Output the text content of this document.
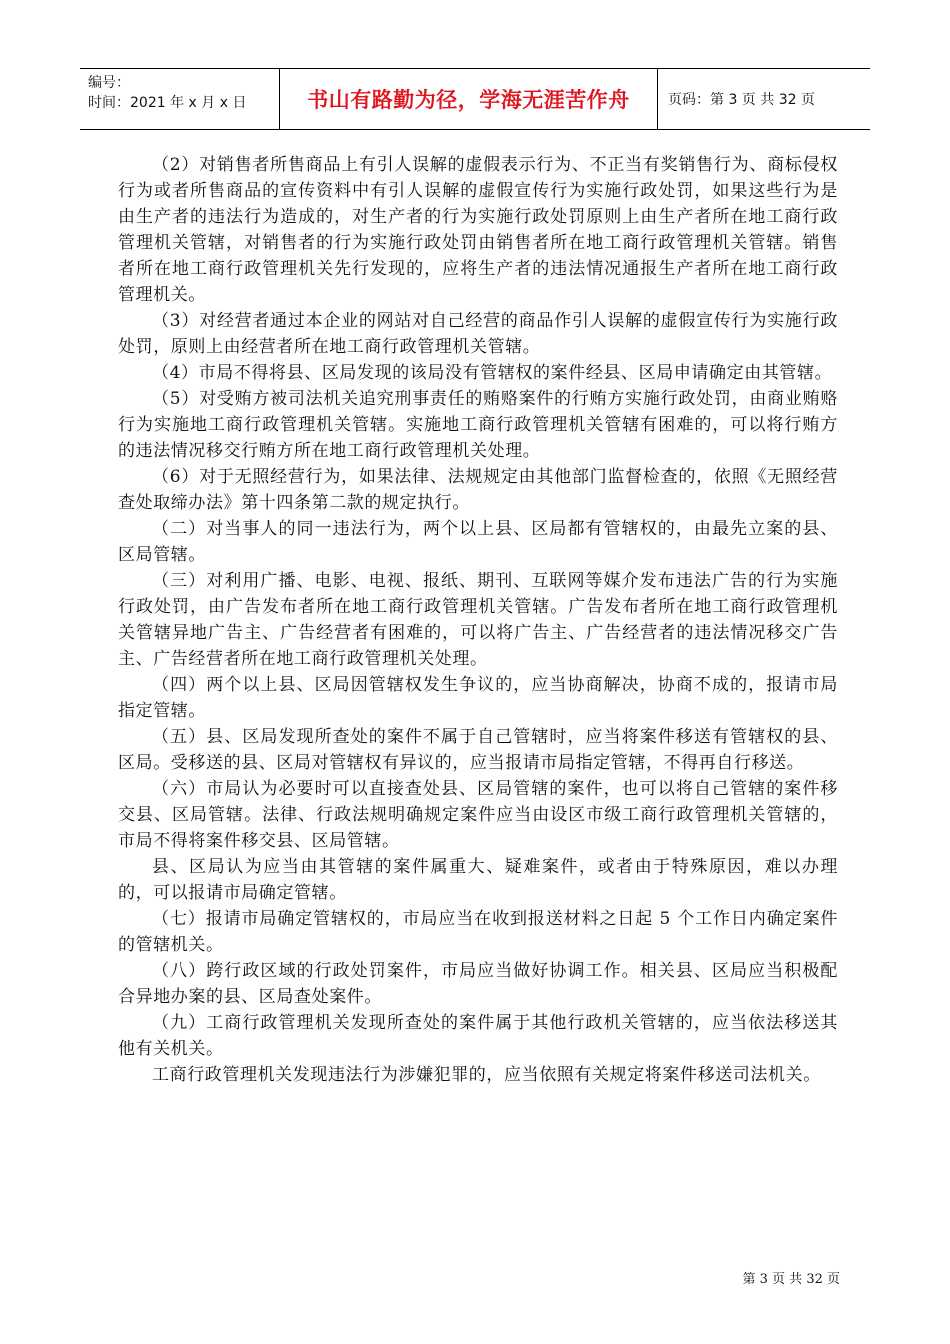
编号：
时间：2021 年 x 月 x 日	书山有路勤为径，学海无涯苦作舟	页码：第 3 页 共 32 页

（2）对销售者所售商品上有引人误解的虚假表示行为、不正当有奖销售行为、商标侵权行为或者所售商品的宣传资料中有引人误解的虚假宣传行为实施行政处罚，如果这些行为是由生产者的违法行为造成的，对生产者的行为实施行政处罚原则上由生产者所在地工商行政管理机关管辖，对销售者的行为实施行政处罚由销售者所在地工商行政管理机关管辖。销售者所在地工商行政管理机关先行发现的，应将生产者的违法情况通报生产者所在地工商行政管理机关。

（3）对经营者通过本企业的网站对自己经营的商品作引人误解的虚假宣传行为实施行政处罚，原则上由经营者所在地工商行政管理机关管辖。

（4）市局不得将县、区局发现的该局没有管辖权的案件经县、区局申请确定由其管辖。

（5）对受贿方被司法机关追究刑事责任的贿赂案件的行贿方实施行政处罚，由商业贿赂行为实施地工商行政管理机关管辖。实施地工商行政管理机关管辖有困难的，可以将行贿方的违法情况移交行贿方所在地工商行政管理机关处理。

（6）对于无照经营行为，如果法律、法规规定由其他部门监督检查的，依照《无照经营查处取缔办法》第十四条第二款的规定执行。

（二）对当事人的同一违法行为，两个以上县、区局都有管辖权的，由最先立案的县、区局管辖。

（三）对利用广播、电影、电视、报纸、期刊、互联网等媒介发布违法广告的行为实施行政处罚，由广告发布者所在地工商行政管理机关管辖。广告发布者所在地工商行政管理机关管辖异地广告主、广告经营者有困难的，可以将广告主、广告经营者的违法情况移交广告主、广告经营者所在地工商行政管理机关处理。

（四）两个以上县、区局因管辖权发生争议的，应当协商解决，协商不成的，报请市局指定管辖。

（五）县、区局发现所查处的案件不属于自己管辖时，应当将案件移送有管辖权的县、区局。受移送的县、区局对管辖权有异议的，应当报请市局指定管辖，不得再自行移送。

（六）市局认为必要时可以直接查处县、区局管辖的案件，也可以将自己管辖的案件移交县、区局管辖。法律、行政法规明确规定案件应当由设区市级工商行政管理机关管辖的，市局不得将案件移交县、区局管辖。

县、区局认为应当由其管辖的案件属重大、疑难案件，或者由于特殊原因，难以办理的，可以报请市局确定管辖。

（七）报请市局确定管辖权的，市局应当在收到报送材料之日起 5 个工作日内确定案件的管辖机关。

（八）跨行政区域的行政处罚案件，市局应当做好协调工作。相关县、区局应当积极配合异地办案的县、区局查处案件。

（九）工商行政管理机关发现所查处的案件属于其他行政机关管辖的，应当依法移送其他有关机关。

工商行政管理机关发现违法行为涉嫌犯罪的，应当依照有关规定将案件移送司法机关。

第 3 页 共 32 页
